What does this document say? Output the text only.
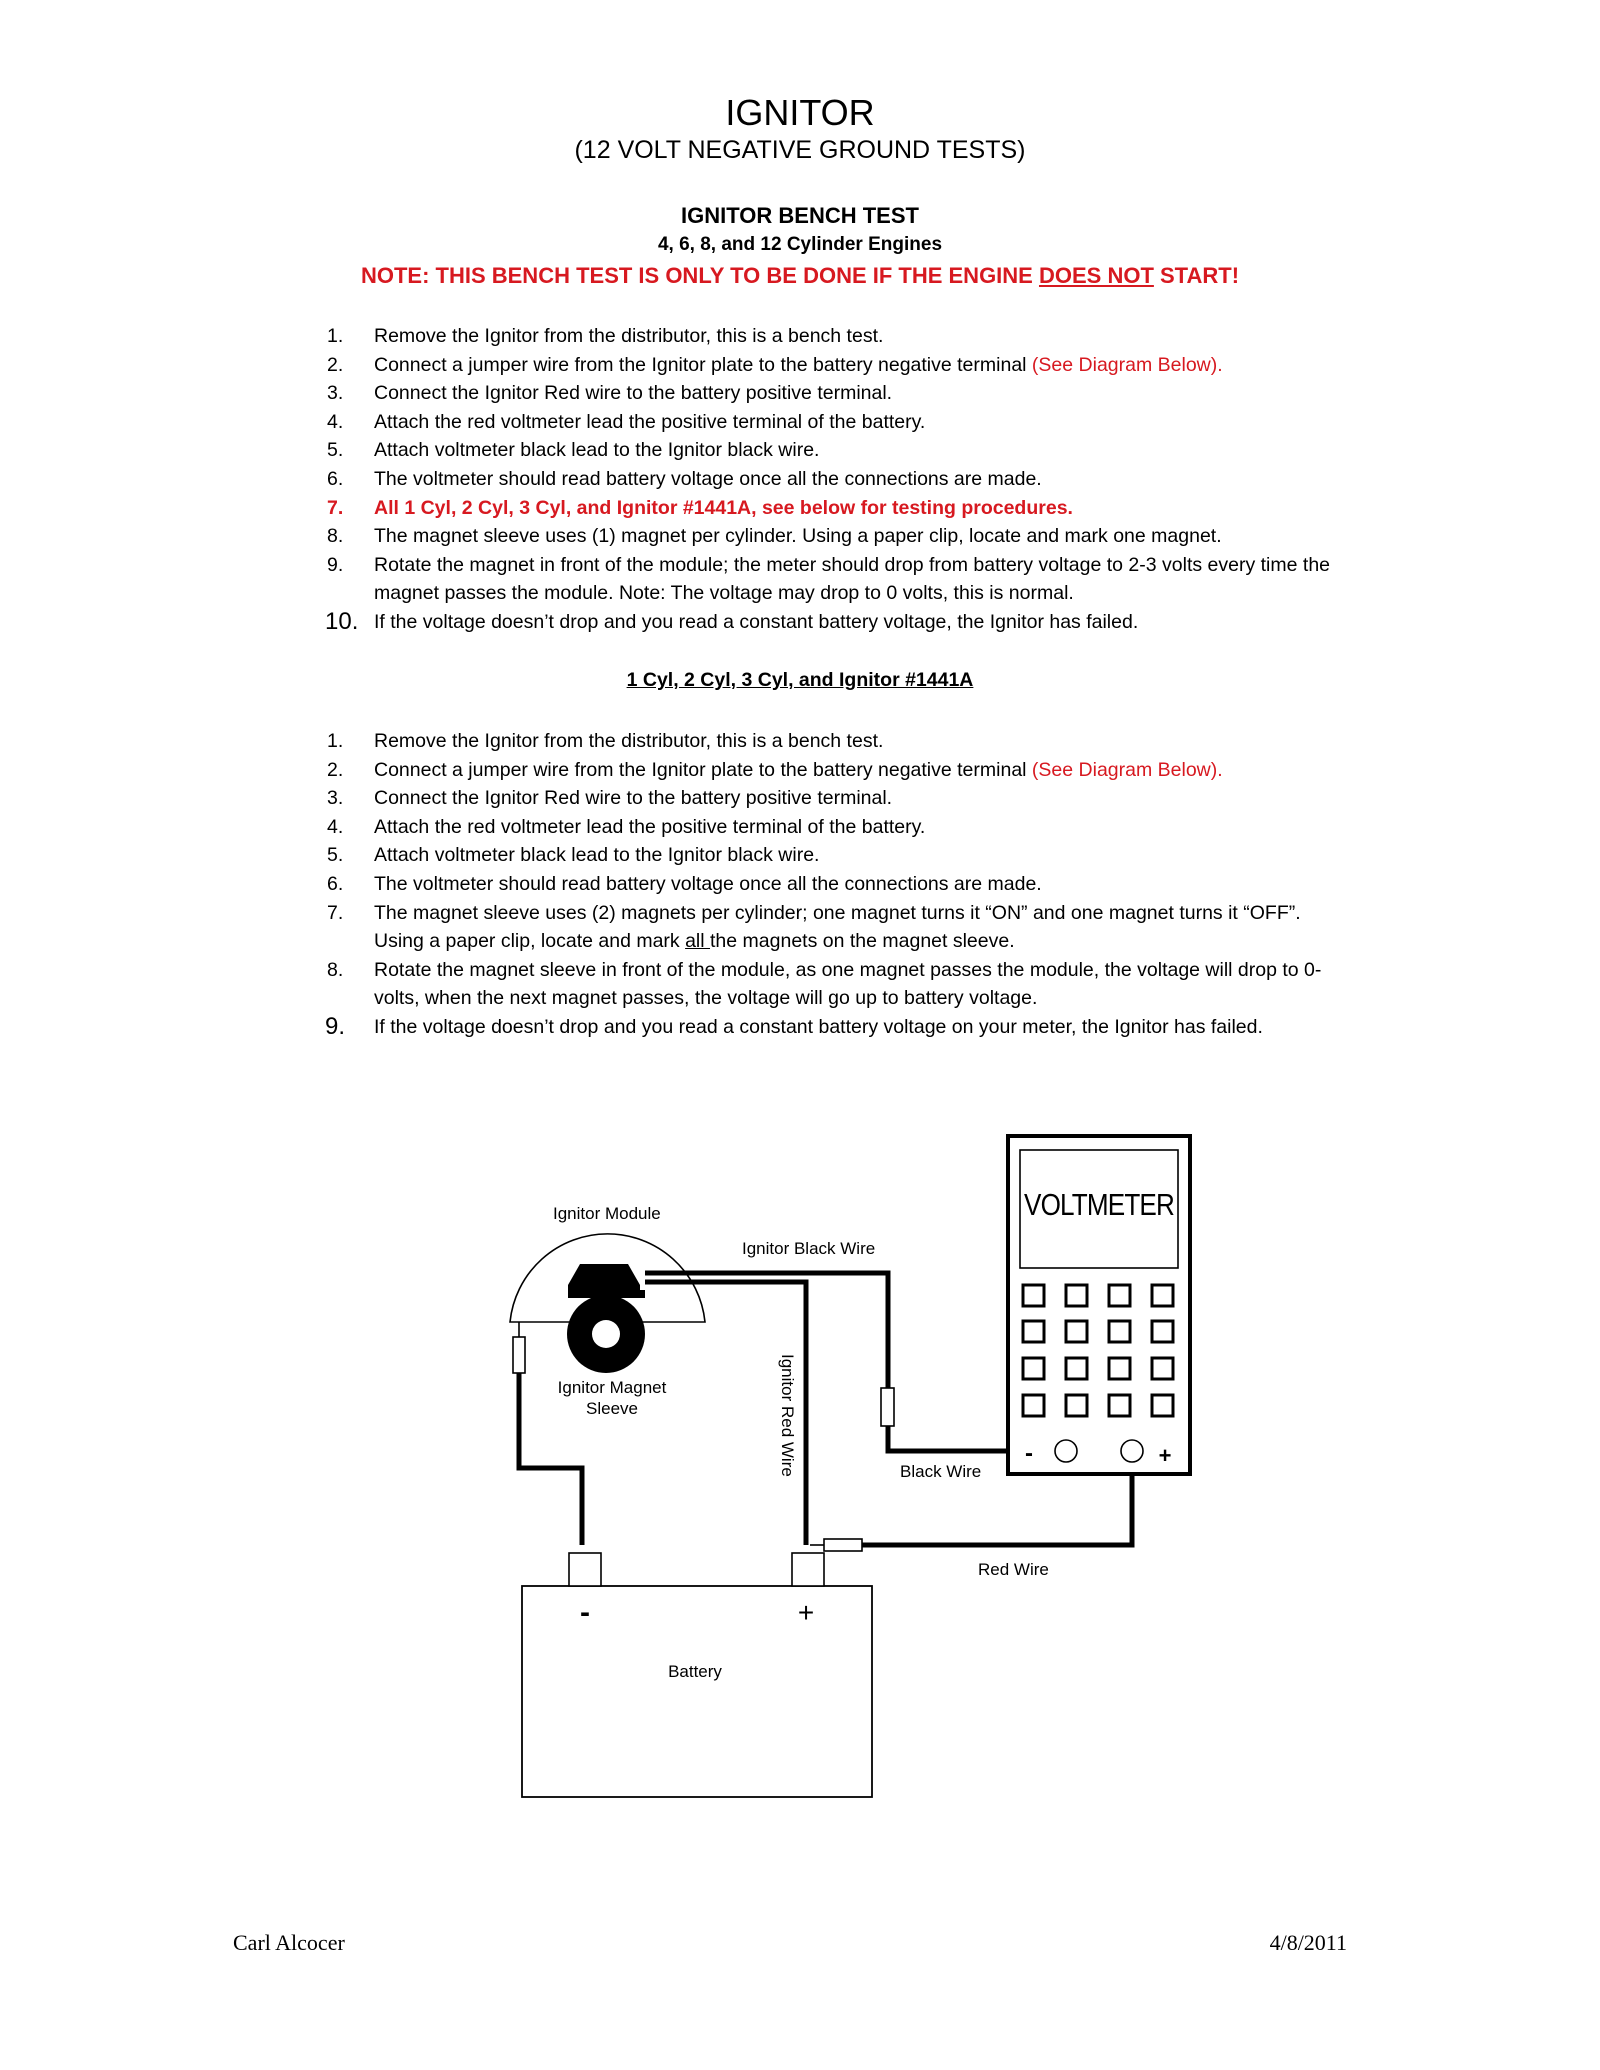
IGNITOR
(12 VOLT NEGATIVE GROUND TESTS)
IGNITOR BENCH TEST
4, 6, 8, and 12 Cylinder Engines
NOTE: THIS BENCH TEST IS ONLY TO BE DONE IF THE ENGINE DOES NOT START!
1. Remove the Ignitor from the distributor, this is a bench test.
2. Connect a jumper wire from the Ignitor plate to the battery negative terminal (See Diagram Below).
3. Connect the Ignitor Red wire to the battery positive terminal.
4. Attach the red voltmeter lead the positive terminal of the battery.
5. Attach voltmeter black lead to the Ignitor black wire.
6. The voltmeter should read battery voltage once all the connections are made.
7. All 1 Cyl, 2 Cyl, 3 Cyl, and Ignitor #1441A, see below for testing procedures.
8. The magnet sleeve uses (1) magnet per cylinder. Using a paper clip, locate and mark one magnet.
9. Rotate the magnet in front of the module; the meter should drop from battery voltage to 2-3 volts every time the magnet passes the module. Note: The voltage may drop to 0 volts, this is normal.
10. If the voltage doesn’t drop and you read a constant battery voltage, the Ignitor has failed.
1 Cyl, 2 Cyl, 3 Cyl, and Ignitor #1441A
1. Remove the Ignitor from the distributor, this is a bench test.
2. Connect a jumper wire from the Ignitor plate to the battery negative terminal (See Diagram Below).
3. Connect the Ignitor Red wire to the battery positive terminal.
4. Attach the red voltmeter lead the positive terminal of the battery.
5. Attach voltmeter black lead to the Ignitor black wire.
6. The voltmeter should read battery voltage once all the connections are made.
7. The magnet sleeve uses (2) magnets per cylinder; one magnet turns it “ON” and one magnet turns it “OFF”. Using a paper clip, locate and mark all the magnets on the magnet sleeve.
8. Rotate the magnet sleeve in front of the module, as one magnet passes the module, the voltage will drop to 0-volts, when the next magnet passes, the voltage will go up to battery voltage.
9. If the voltage doesn’t drop and you read a constant battery voltage on your meter, the Ignitor has failed.
Ignitor Module
Ignitor Black Wire
Ignitor Magnet
Sleeve	Ignitor Red Wire
VOLTMETER
Black Wire
Red Wire
Battery
-	+
-	+
Carl Alcocer	4/8/2011
